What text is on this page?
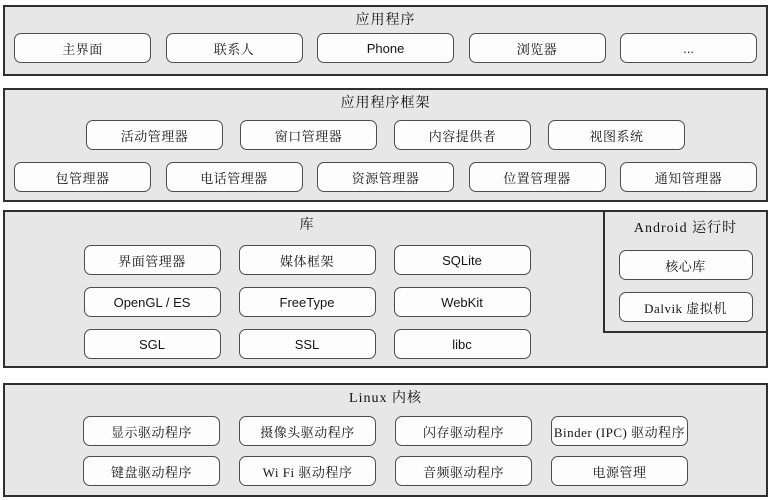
应用程序
主界面	联系人	Phone	浏览器	...
应用程序框架
活动管理器	窗口管理器	内容提供者	视图系统
包管理器	电话管理器	资源管理器	位置管理器	通知管理器
库
界面管理器	媒体框架	SQLite
OpenGL / ES	FreeType	WebKit
SGL	SSL	libc
Android 运行时
核心库
Dalvik 虚拟机
Linux 内核
显示驱动程序	摄像头驱动程序	闪存驱动程序	Binder (IPC) 驱动程序
键盘驱动程序	Wi Fi 驱动程序	音频驱动程序	电源管理
